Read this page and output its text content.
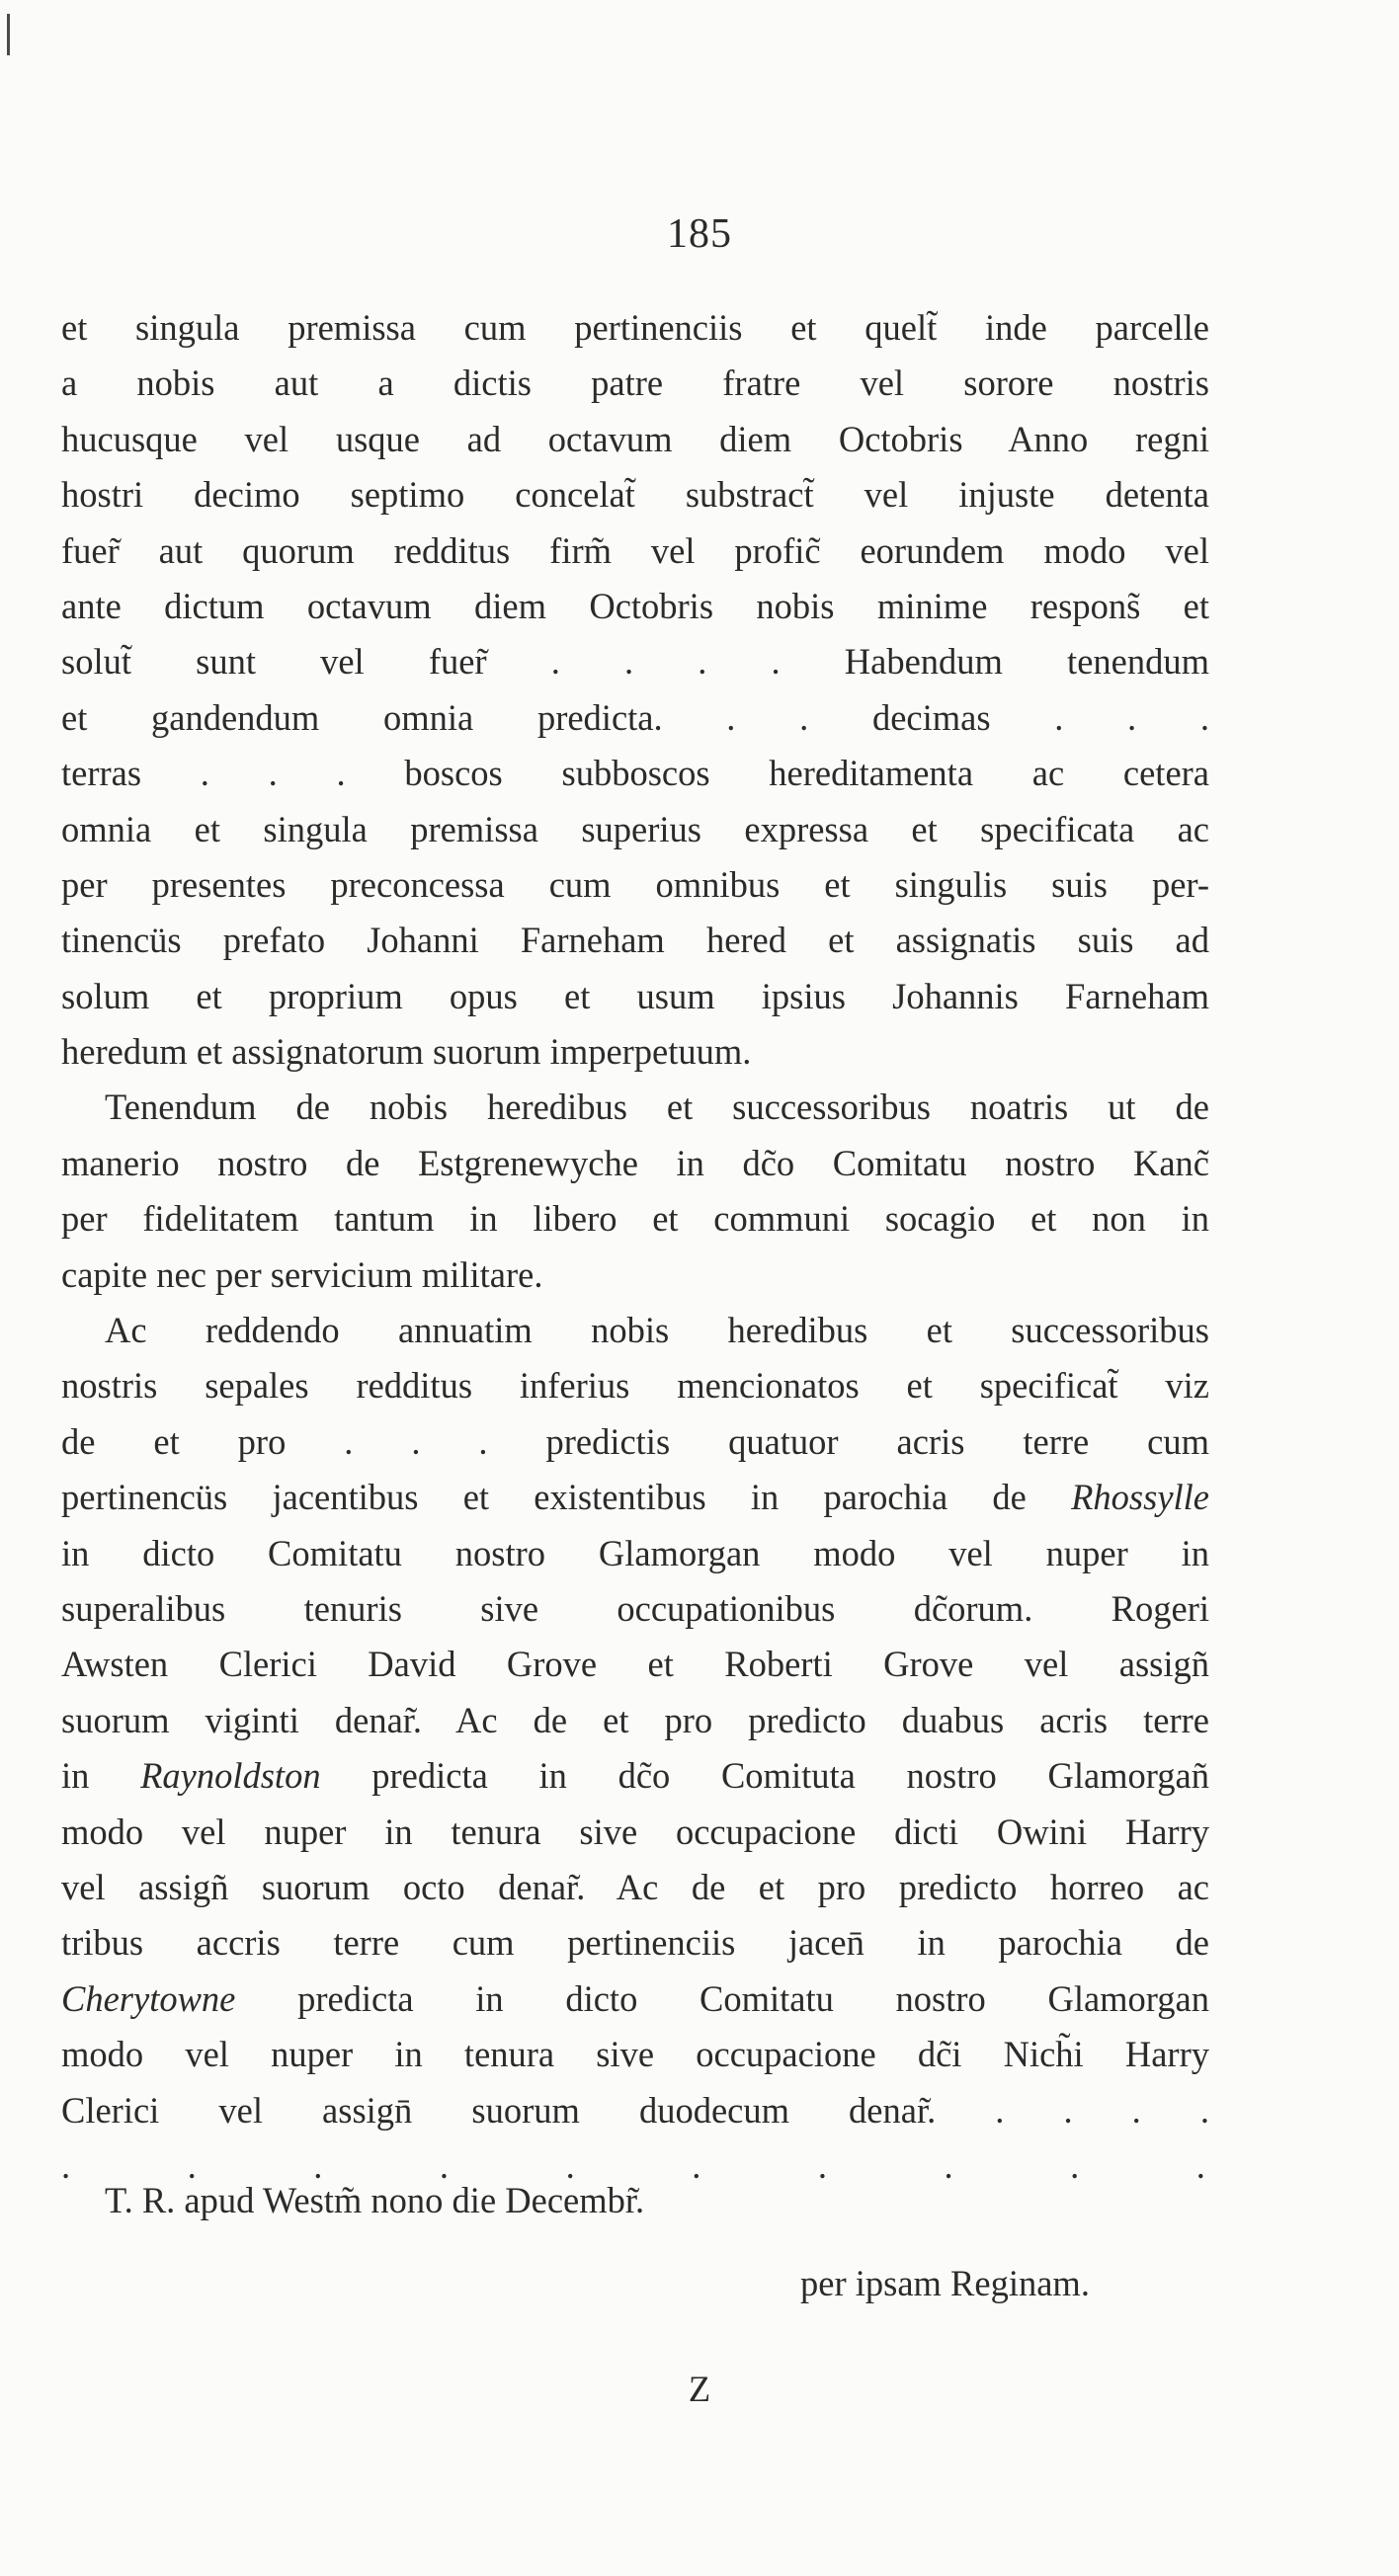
185
et singula premissa cum pertinenciis et quelt̃ inde parcelle
a nobis aut a dictis patre fratre vel sorore nostris
hucusque vel usque ad octavum diem Octobris Anno regni
hostri decimo septimo concelat̃ substract̃ vel injuste detenta
fuer̃ aut quorum redditus firm̃ vel profic̃ eorundem modo vel
ante dictum octavum diem Octobris nobis minime respons̃ et
solut̃ sunt vel fuer̃ . . . . Habendum tenendum
et gandendum omnia predicta. . . decimas . . .
terras . . . boscos subboscos hereditamenta ac cetera
omnia et singula premissa superius expressa et specificata ac
per presentes preconcessa cum omnibus et singulis suis per-
tinencüs prefato Johanni Farneham hered et assignatis suis ad
solum et proprium opus et usum ipsius Johannis Farneham
heredum et assignatorum suorum imperpetuum.
Tenendum de nobis heredibus et successoribus noatris ut de
manerio nostro de Estgrenewyche in dc̃o Comitatu nostro Kanc̃
per fidelitatem tantum in libero et communi socagio et non in
capite nec per servicium militare.
Ac reddendo annuatim nobis heredibus et successoribus
nostris sepales redditus inferius mencionatos et specificat̃ viz
de et pro . . . predictis quatuor acris terre cum
pertinencüs jacentibus et existentibus in parochia de Rhossylle
in dicto Comitatu nostro Glamorgan modo vel nuper in
superalibus tenuris sive occupationibus dc̃orum. Rogeri
Awsten Clerici David Grove et Roberti Grove vel assigñ
suorum viginti denar̃. Ac de et pro predicto duabus acris terre
in Raynoldston predicta in dc̃o Comituta nostro Glamorgañ
modo vel nuper in tenura sive occupacione dicti Owini Harry
vel assigñ suorum octo denar̃. Ac de et pro predicto horreo ac
tribus accris terre cum pertinenciis jacen̄ in parochia de
Cherytowne predicta in dicto Comitatu nostro Glamorgan
modo vel nuper in tenura sive occupacione dc̃i Nich̃i Harry
Clerici vel assign̄ suorum duodecum denar̃. . . . .
.	.	.	.	.	.	.	.	.	.
T. R. apud Westm̃ nono die Decembr̃.
per ipsam Reginam.
Z
